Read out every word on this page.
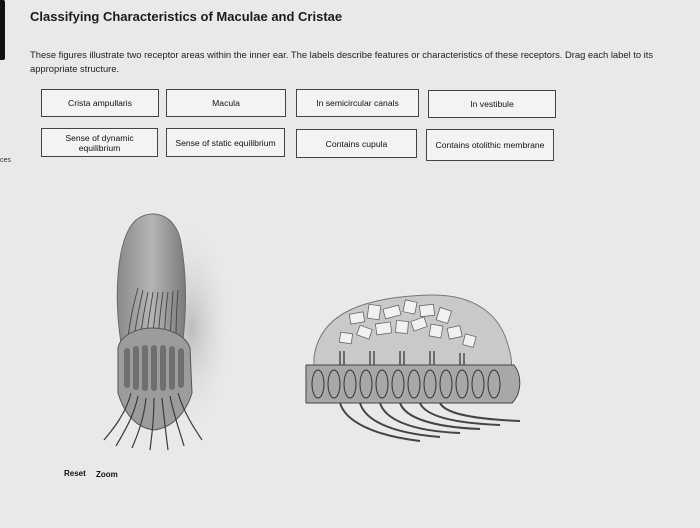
ces
Classifying Characteristics of Maculae and Cristae
These figures illustrate two receptor areas within the inner ear. The labels describe features or characteristics of these receptors. Drag each label to its appropriate structure.
Crista ampullaris	Macula	In semicircular canals	In vestibule
Sense of dynamic equilibrium	Sense of static equilibrium	Contains cupula	Contains otolithic membrane
Reset Zoom
